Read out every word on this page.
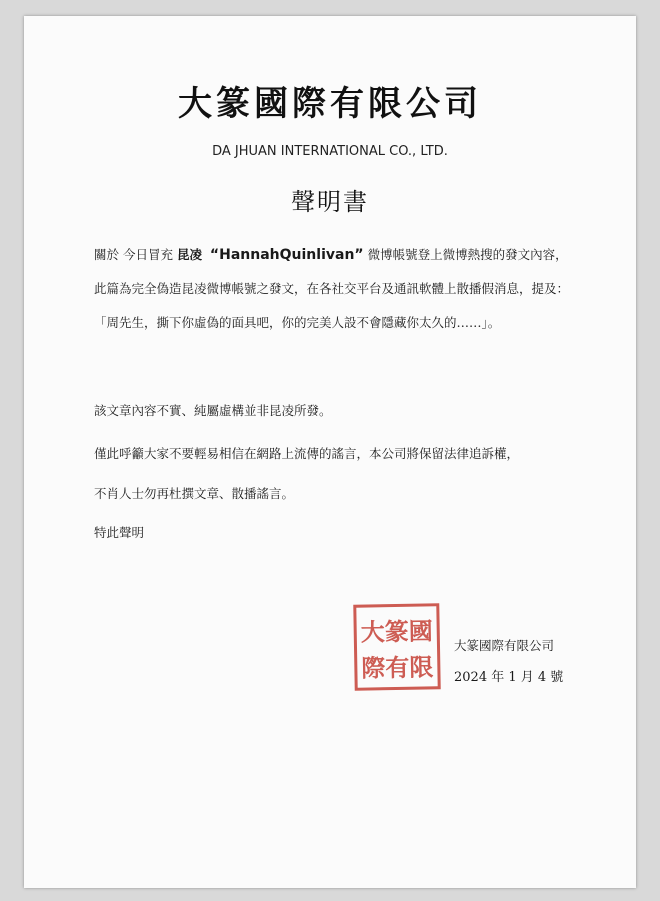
大篆國際有限公司
DA JHUAN INTERNATIONAL CO., LTD.
聲明書
關於 今日冒充 昆凌 “HannahQuinlivan” 微博帳號登上微博熱搜的發文內容，此篇為完全偽造昆凌微博帳號之發文，在各社交平台及通訊軟體上散播假消息，提及：「周先生，撕下你虛偽的面具吧，你的完美人設不會隱藏你太久的……」。
該文章內容不實、純屬虛構並非昆凌所發。
僅此呼籲大家不要輕易相信在網路上流傳的謠言，本公司將保留法律追訴權，
不肖人士勿再杜撰文章、散播謠言。
特此聲明
大 篆 國
際 有 限
大篆國際有限公司
2024 年 1 月 4 號
